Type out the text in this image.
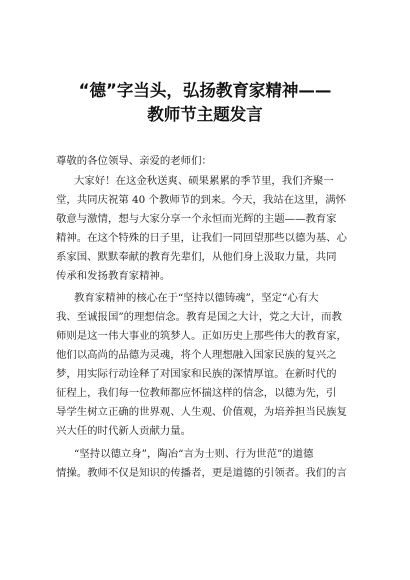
“德”字当头，弘扬教育家精神——
教师节主题发言
尊敬的各位领导、亲爱的老师们：
大家好！在这金秋送爽、硕果累累的季节里，我们齐聚一
堂，共同庆祝第 40 个教师节的到来。今天，我站在这里，满怀
敬意与激情，想与大家分享一个永恒而光辉的主题——教育家
精神。在这个特殊的日子里，让我们一同回望那些以德为基、心
系家国、默默奉献的教育先辈们，从他们身上汲取力量，共同
传承和发扬教育家精神。
教育家精神的核心在于“坚持以德铸魂”，坚定“心有大
我、至诚报国”的理想信念。教育是国之大计，党之大计，而教
师则是这一伟大事业的筑梦人。正如历史上那些伟大的教育家，
他们以高尚的品德为灵魂，将个人理想融入国家民族的复兴之
梦，用实际行动诠释了对国家和民族的深情厚谊。在新时代的
征程上，我们每一位教师都应怀揣这样的信念，以德为先，引
导学生树立正确的世界观、人生观、价值观，为培养担当民族复
兴大任的时代新人贡献力量。
“坚持以德立身”，陶冶“言为士则、行为世范”的道德
情操。教师不仅是知识的传播者，更是道德的引领者。我们的言
